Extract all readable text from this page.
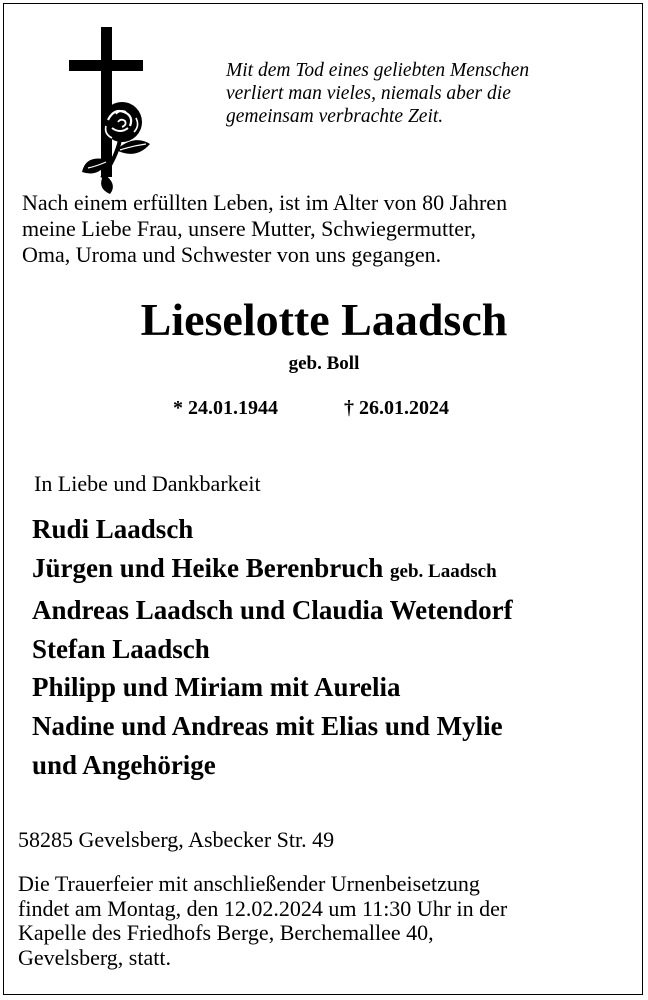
Mit dem Tod eines geliebten Menschen
verliert man vieles, niemals aber die
gemeinsam verbrachte Zeit.
Nach einem erfüllten Leben, ist im Alter von 80 Jahren
meine Liebe Frau, unsere Mutter, Schwiegermutter,
Oma, Uroma und Schwester von uns gegangen.
Lieselotte Laadsch
geb. Boll
* 24.01.1944	† 26.01.2024
In Liebe und Dankbarkeit
Rudi Laadsch
Jürgen und Heike Berenbruch geb. Laadsch
Andreas Laadsch und Claudia Wetendorf
Stefan Laadsch
Philipp und Miriam mit Aurelia
Nadine und Andreas mit Elias und Mylie
und Angehörige
58285 Gevelsberg, Asbecker Str. 49
Die Trauerfeier mit anschließender Urnenbeisetzung
findet am Montag, den 12.02.2024 um 11:30 Uhr in der
Kapelle des Friedhofs Berge, Berchemallee 40,
Gevelsberg, statt.
